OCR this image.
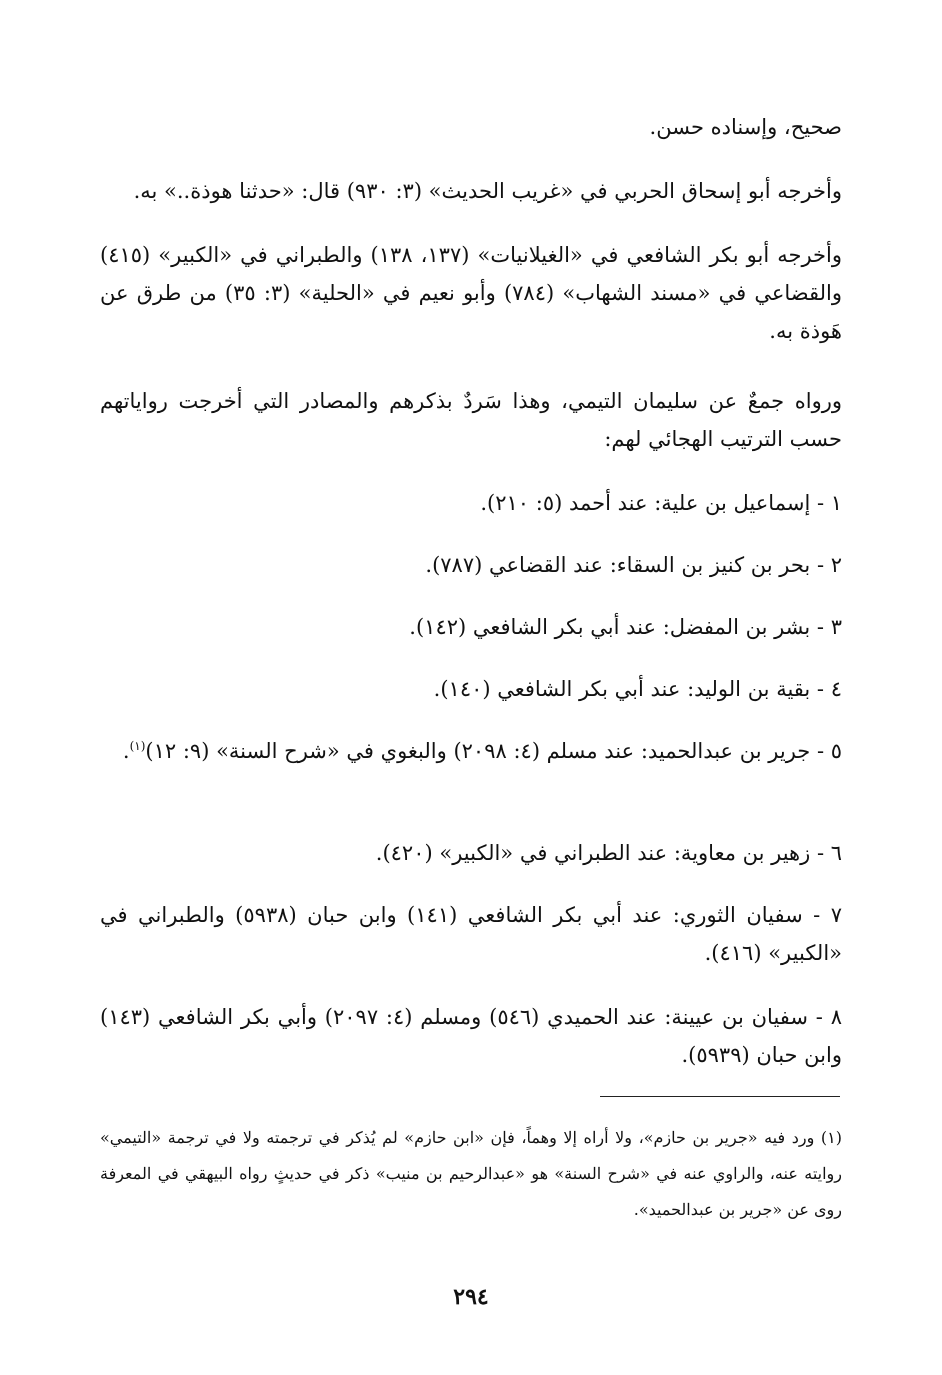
صحيح، وإسناده حسن.
وأخرجه أبو إسحاق الحربي في «غريب الحديث» (٣: ٩٣٠) قال: «حدثنا هوذة..» به.
وأخرجه أبو بكر الشافعي في «الغيلانيات» (١٣٧، ١٣٨) والطبراني في «الكبير» (٤١٥) والقضاعي في «مسند الشهاب» (٧٨٤) وأبو نعيم في «الحلية» (٣: ٣٥) من طرق عن هَوذة به.
ورواه جمعٌ عن سليمان التيمي، وهذا سَردٌ بذكرهم والمصادر التي أخرجت رواياتهم حسب الترتيب الهجائي لهم:
١ - إسماعيل بن علية: عند أحمد (٥: ٢١٠).
٢ - بحر بن كنيز بن السقاء: عند القضاعي (٧٨٧).
٣ - بشر بن المفضل: عند أبي بكر الشافعي (١٤٢).
٤ - بقية بن الوليد: عند أبي بكر الشافعي (١٤٠).
٥ - جرير بن عبدالحميد: عند مسلم (٤: ٢٠٩٨) والبغوي في «شرح السنة» (٩: ١٢)$^{(١)}$.
٦ - زهير بن معاوية: عند الطبراني في «الكبير» (٤٢٠).
٧ - سفيان الثوري: عند أبي بكر الشافعي (١٤١) وابن حبان (٥٩٣٨) والطبراني في «الكبير» (٤١٦).
٨ - سفيان بن عيينة: عند الحميدي (٥٤٦) ومسلم (٤: ٢٠٩٧) وأبي بكر الشافعي (١٤٣) وابن حبان (٥٩٣٩).
(١) ورد فيه «جرير بن حازم»، ولا أراه إلا وهماً، فإن «ابن حازم» لم يُذكر في ترجمته ولا في ترجمة «التيمي» روايته عنه، والراوي عنه في «شرح السنة» هو «عبدالرحيم بن منيب» ذكر في حديثٍ رواه البيهقي في المعرفة روى عن «جرير بن عبدالحميد».
٢٩٤
